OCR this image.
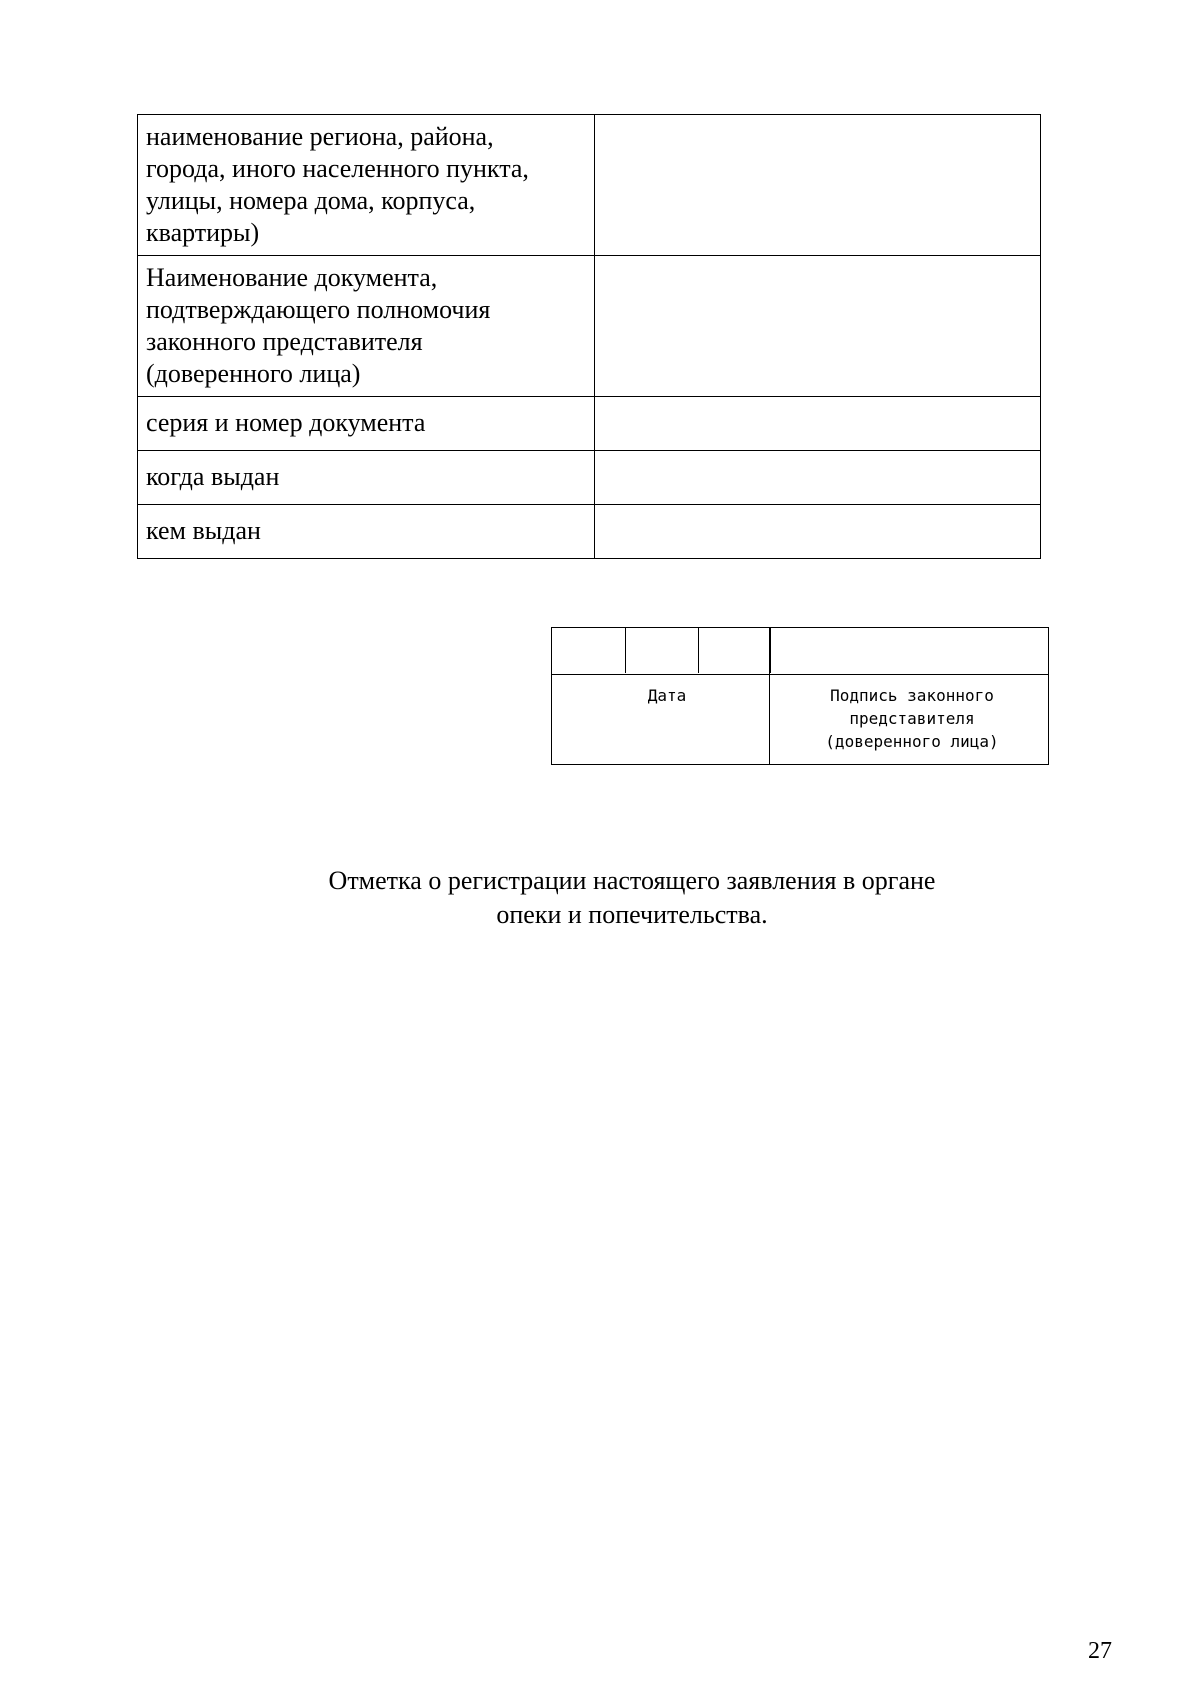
наименование региона, района,
города, иного населенного пункта,
улицы, номера дома, корпуса,
квартиры)	
Наименование документа,
подтверждающего полномочия
законного представителя
(доверенного лица)	
серия и номер документа	
когда выдан	
кем выдан	
Дата	Подпись законного
представителя
(доверенного лица)
Отметка о регистрации настоящего заявления в органе
опеки и попечительства.
27
